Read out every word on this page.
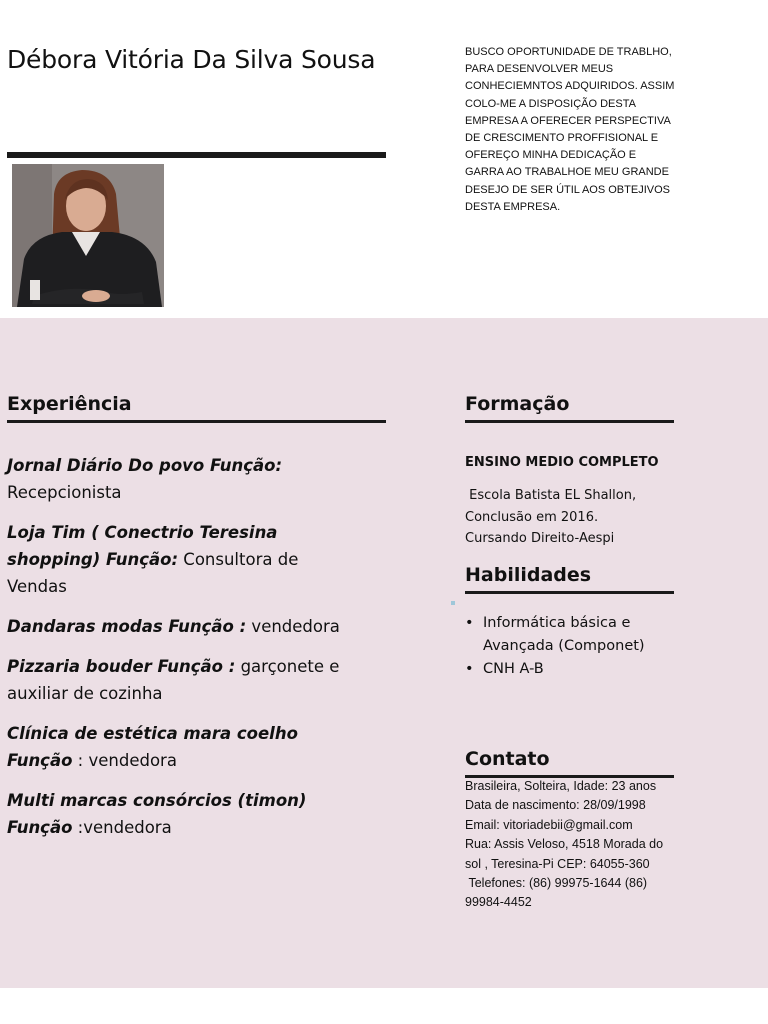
Débora Vitória Da Silva Sousa	BUSCO OPORTUNIDADE DE TRABLHO, PARA DESENVOLVER MEUS CONHECIEMNTOS ADQUIRIDOS. ASSIM COLO-ME A DISPOSIÇÃO DESTA EMPRESA A OFERECER PERSPECTIVA DE CRESCIMENTO PROFFISIONAL E OFEREÇO MINHA DEDICAÇÃO E GARRA AO TRABALHOE MEU GRANDE DESEJO DE SER ÚTIL AOS OBTEJIVOS DESTA EMPRESA.
Experiência
Jornal Diário Do povo Função: Recepcionista
Loja Tim ( Conectrio Teresina shopping) Função: Consultora de Vendas
Dandaras modas Função : vendedora
Pizzaria bouder Função : garçonete e auxiliar de cozinha
Clínica de estética mara coelho Função : vendedora
Multi marcas consórcios (timon) Função :vendedora
Formação
ENSINO MEDIO COMPLETO
Escola Batista EL Shallon,
Conclusão em 2016.
Cursando Direito-Aespi
Habilidades
• Informática básica e Avançada (Componet)
• CNH A-B
Contato
Brasileira, Solteira, Idade: 23 anos
Data de nascimento: 28/09/1998
Email: vitoriadebii@gmail.com
Rua: Assis Veloso, 4518 Morada do sol , Teresina-Pi CEP: 64055-360
Telefones: (86) 99975-1644 (86) 99984-4452
